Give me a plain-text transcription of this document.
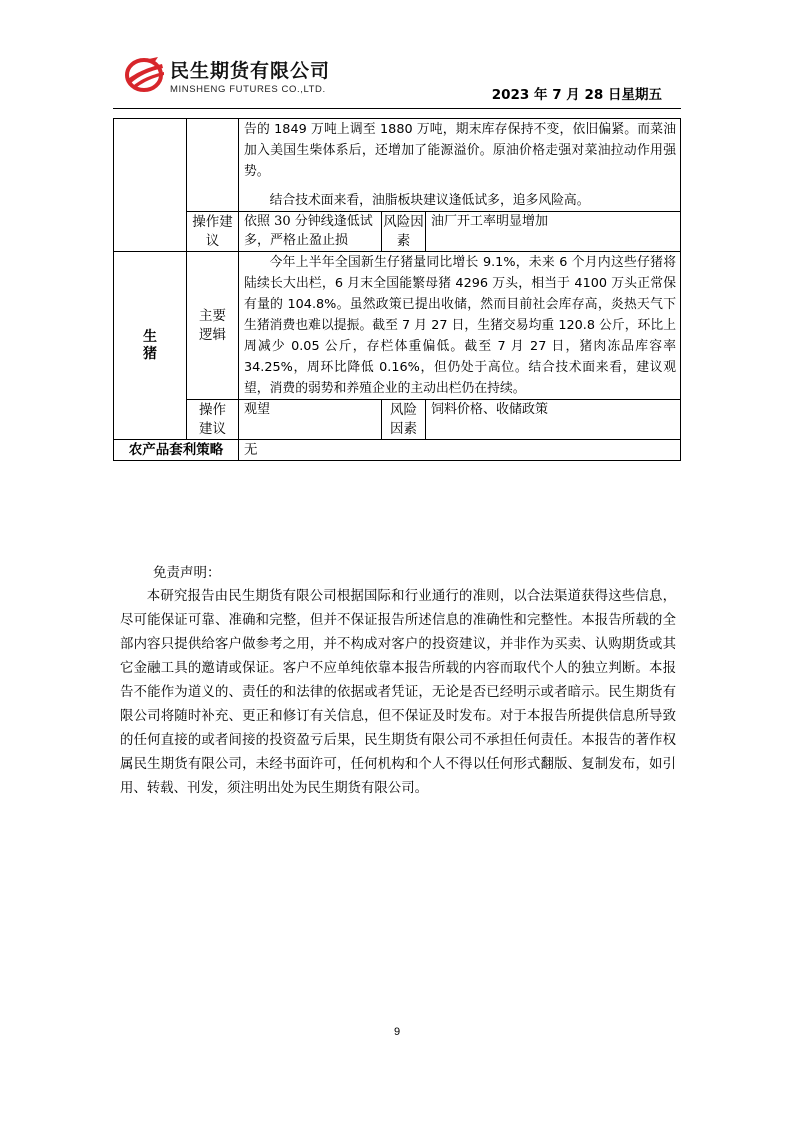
民生期货有限公司
MINSHENG FUTURES CO.,LTD.	2023 年 7 月 28 日星期五

		告的 1849 万吨上调至 1880 万吨，期末库存保持不变，依旧偏紧。而菜油加入美国生柴体系后，还增加了能源溢价。原油价格走强对菜油拉动作用强势。

结合技术面来看，油脂板块建议逢低试多，追多风险高。		

	操作建议	依照 30 分钟线逢低试多，严格止盈止损	风险因素	油厂开工率明显增加
生猪	主要逻辑	今年上半年全国新生仔猪量同比增长 9.1%，未来 6 个月内这些仔猪将陆续长大出栏，6 月末全国能繁母猪 4296 万头，相当于 4100 万头正常保有量的 104.8%。虽然政策已提出收储，然而目前社会库存高，炎热天气下生猪消费也难以提振。截至 7 月 27 日，生猪交易均重 120.8 公斤，环比上周减少 0.05 公斤，存栏体重偏低。截至 7 月 27 日，猪肉冻品库容率 34.25%，周环比降低 0.16%，但仍处于高位。结合技术面来看，建议观望，消费的弱势和养殖企业的主动出栏仍在持续。		

	操作建议	观望	风险因素	饲料价格、收储政策
农产品套利策略		无		
免责声明：

本研究报告由民生期货有限公司根据国际和行业通行的准则，以合法渠道获得这些信息，尽可能保证可靠、准确和完整，但并不保证报告所述信息的准确性和完整性。本报告所载的全部内容只提供给客户做参考之用，并不构成对客户的投资建议，并非作为买卖、认购期货或其它金融工具的邀请或保证。客户不应单纯依靠本报告所载的内容而取代个人的独立判断。本报告不能作为道义的、责任的和法律的依据或者凭证，无论是否已经明示或者暗示。民生期货有限公司将随时补充、更正和修订有关信息，但不保证及时发布。对于本报告所提供信息所导致的任何直接的或者间接的投资盈亏后果，民生期货有限公司不承担任何责任。本报告的著作权属民生期货有限公司，未经书面许可，任何机构和个人不得以任何形式翻版、复制发布，如引用、转载、刊发，须注明出处为民生期货有限公司。

9
